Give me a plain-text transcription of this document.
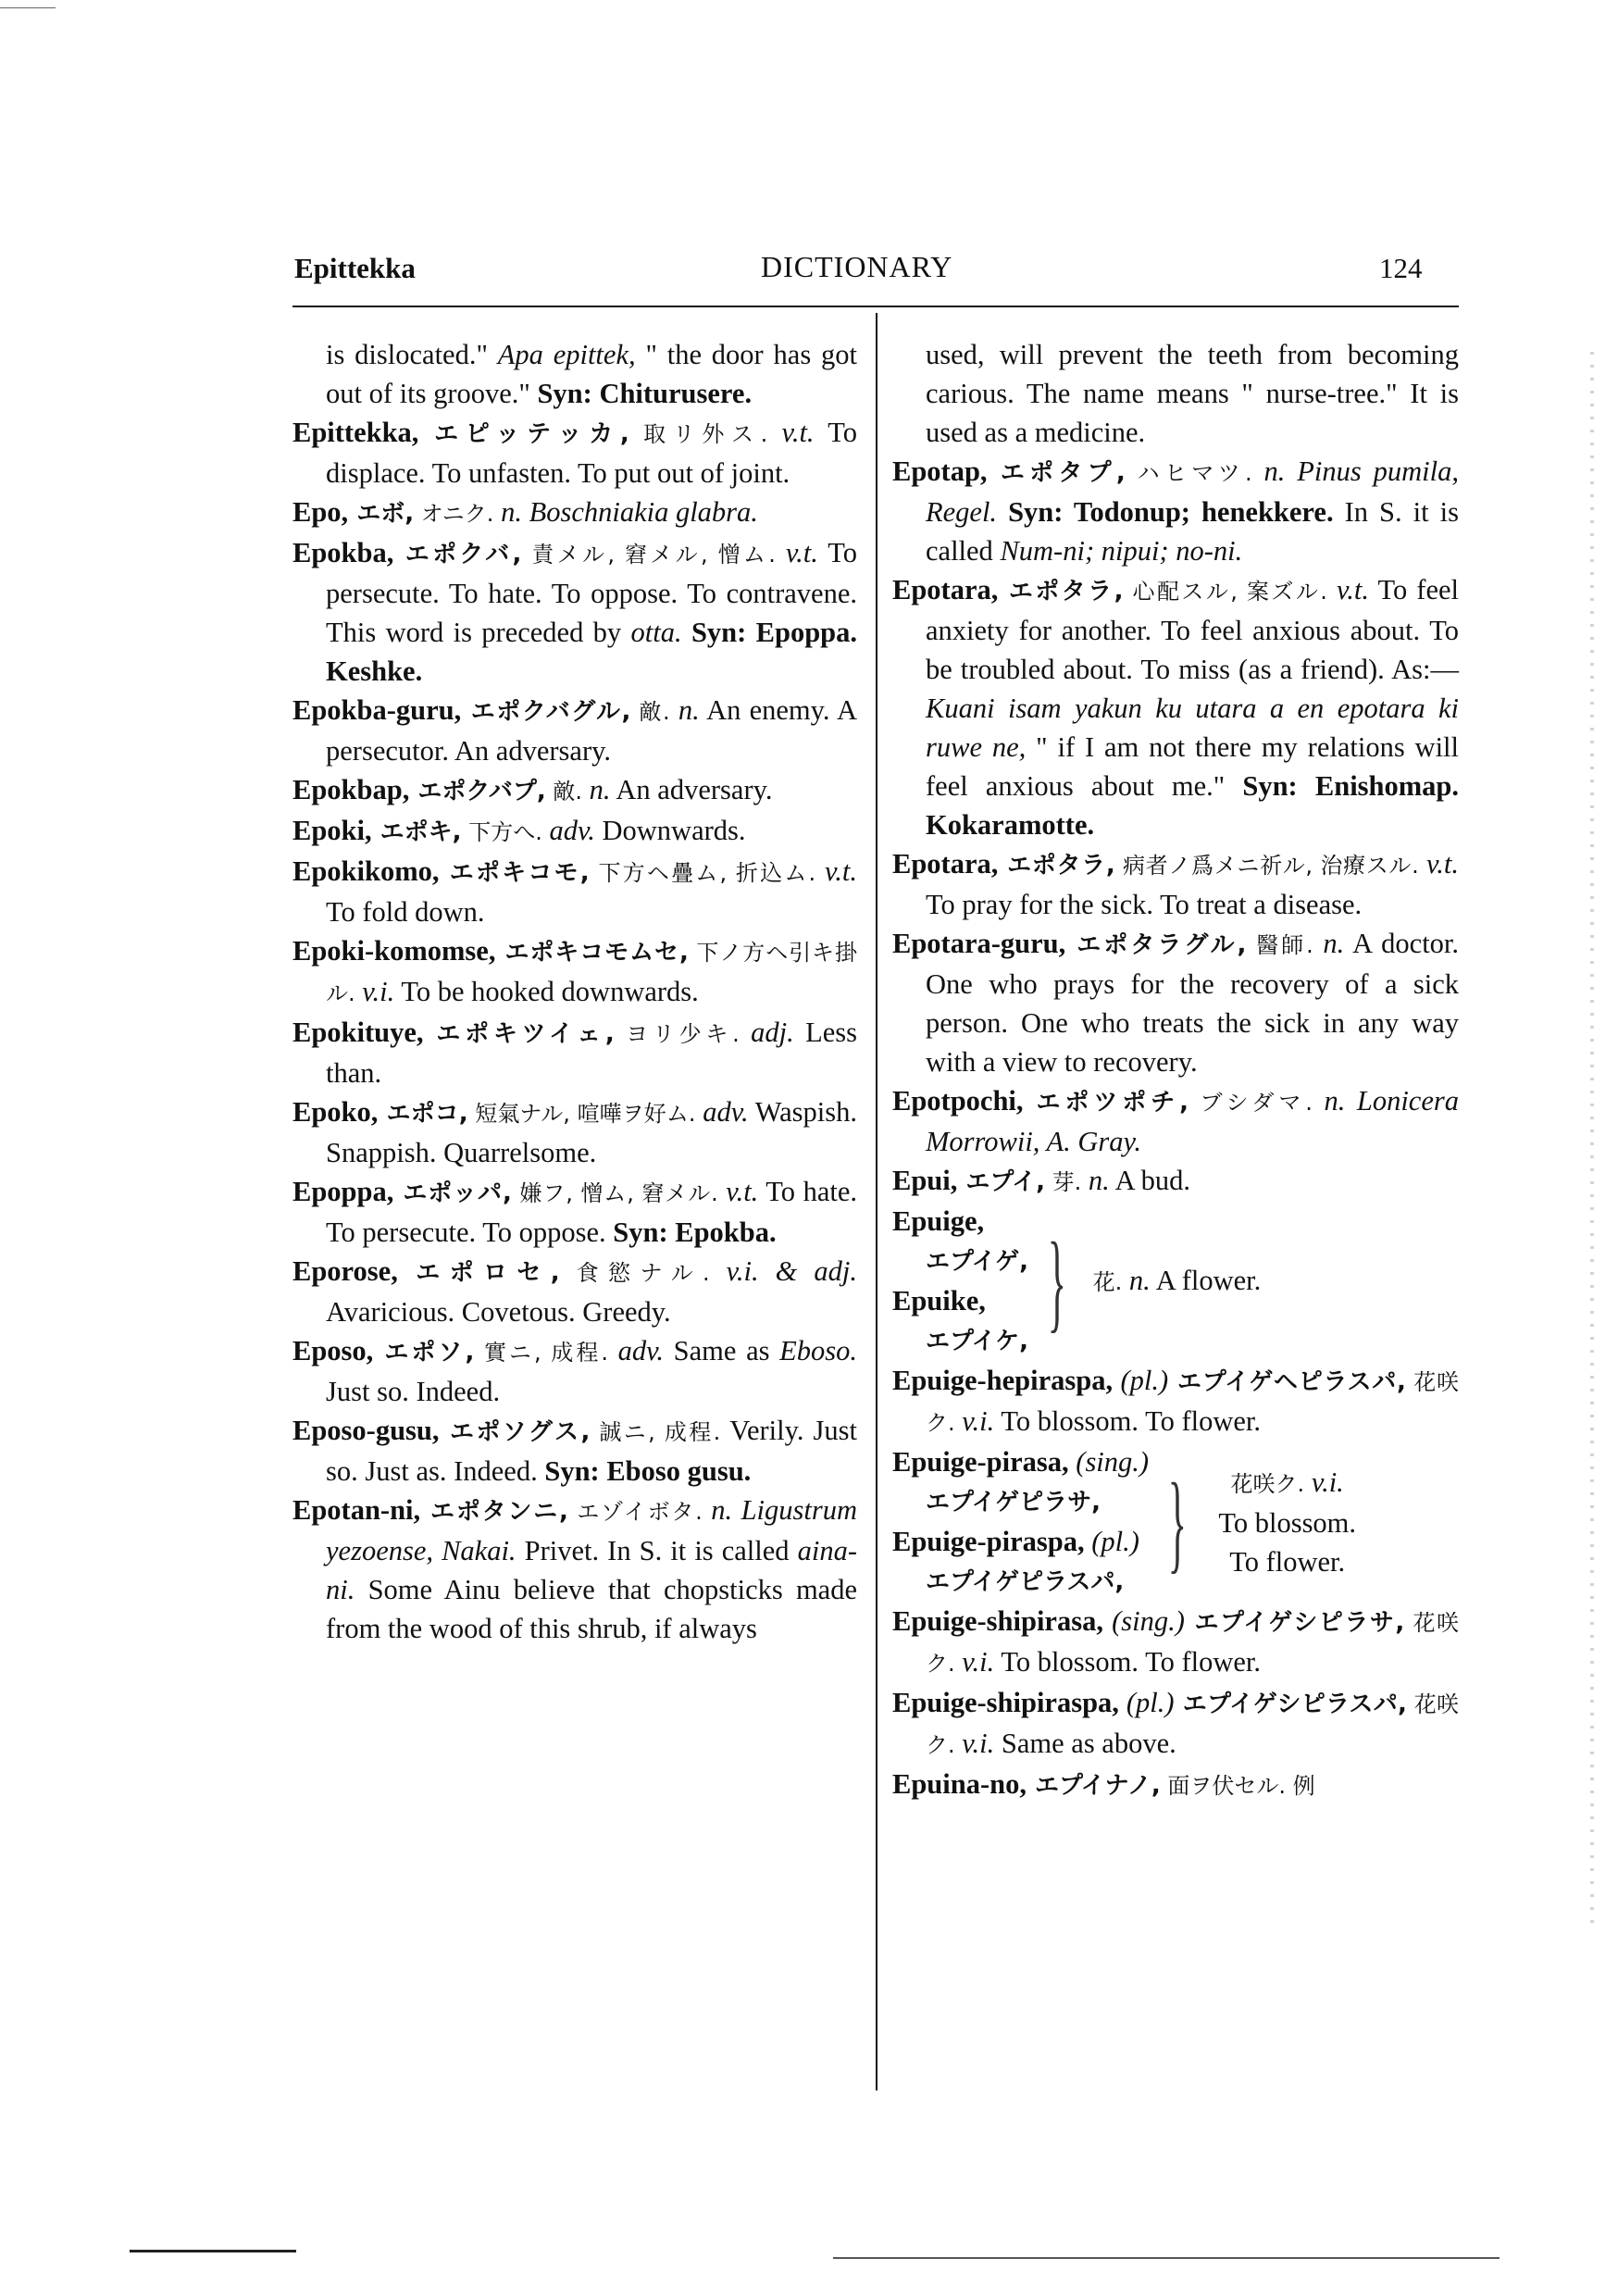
Epittekka	DICTIONARY	124

is dislocated." Apa epittek, " the door has got out of its groove." Syn: Chiturusere.

Epittekka, エピッテッカ, 取リ外ス. v.t. To displace. To unfasten. To put out of joint.

Epo, エボ, オニク. n. Boschniakia glabra.

Epokba, エポクバ, 責メル, 窘メル, 憎ム. v.t. To persecute. To hate. To oppose. To contravene. This word is preceded by otta. Syn: Epoppa. Keshke.

Epokba-guru, エポクバグル, 敵. n. An enemy. A persecutor. An adversary.

Epokbap, エポクバプ, 敵. n. An adversary.

Epoki, エポキ, 下方へ. adv. Downwards.

Epokikomo, エポキコモ, 下方ヘ疊ム, 折込ム. v.t. To fold down.

Epoki-komomse, エポキコモムセ, 下ノ方ヘ引キ掛ル. v.i. To be hooked downwards.

Epokituye, エポキツイェ, ヨリ少キ. adj. Less than.

Epoko, エポコ, 短氣ナル, 喧嘩ヲ好ム. adv. Waspish. Snappish. Quarrelsome.

Epoppa, エポッパ, 嫌フ, 憎ム, 窘メル. v.t. To hate. To persecute. To oppose. Syn: Epokba.

Eporose, エポロセ, 食慾ナル. v.i. & adj. Avaricious. Covetous. Greedy.

Eposo, エポソ, 實ニ, 成程. adv. Same as Eboso. Just so. Indeed.

Eposo-gusu, エポソグス, 誠ニ, 成程. Verily. Just so. Just as. Indeed. Syn: Eboso gusu.

Epotan-ni, エポタンニ, エゾイボタ. n. Ligustrum yezoense, Nakai. Privet. In S. it is called aina-ni. Some Ainu believe that chopsticks made from the wood of this shrub, if always

used, will prevent the teeth from becoming carious. The name means " nurse-tree." It is used as a medicine.

Epotap, エポタプ, ハヒマツ. n. Pinus pumila, Regel. Syn: Todonup; henekkere. In S. it is called Num-ni; nipui; no-ni.

Epotara, エポタラ, 心配スル, 案ズル. v.t. To feel anxiety for another. To feel anxious about. To be troubled about. To miss (as a friend). As:— Kuani isam yakun ku utara a en epotara ki ruwe ne, " if I am not there my relations will feel anxious about me." Syn: Enishomap. Kokaramotte.

Epotara, エポタラ, 病者ノ爲メニ祈ル, 治療スル. v.t. To pray for the sick. To treat a disease.

Epotara-guru, エポタラグル, 醫師. n. A doctor. One who prays for the recovery of a sick person. One who treats the sick in any way with a view to recovery.

Epotpochi, エポツポチ, ブシダマ. n. Lonicera Morrowii, A. Gray.

Epui, エプイ, 芽. n. A bud.

Epuige,

エプイゲ,

Epuike,

エプイケ, } 花. n. A flower.

Epuige-hepiraspa, (pl.) エプイゲヘピラスパ, 花咲ク. v.i. To blossom. To flower.

Epuige-pirasa, (sing.)

エプイゲピラサ,

Epuige-piraspa, (pl.)

エプイゲピラスパ, }	花咲ク. v.i.
To blossom. To flower.

Epuige-shipirasa, (sing.) エプイゲシピラサ, 花咲ク. v.i. To blossom. To flower.

Epuige-shipiraspa, (pl.) エプイゲシピラスパ, 花咲ク. v.i. Same as above.

Epuina-no, エプイナノ, 面ヲ伏セル. 例
